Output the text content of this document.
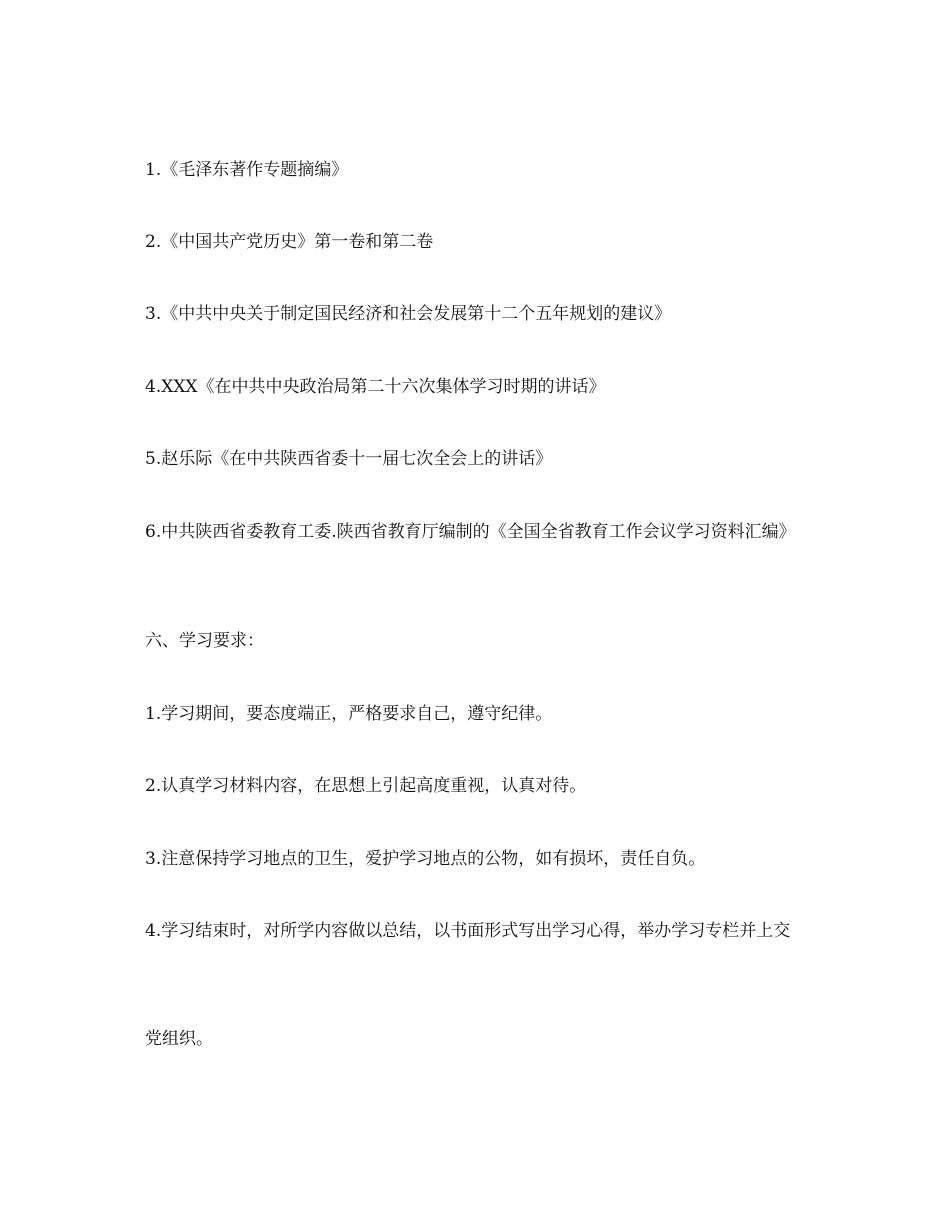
1.《毛泽东著作专题摘编》

2.《中国共产党历史》第一卷和第二卷

3.《中共中央关于制定国民经济和社会发展第十二个五年规划的建议》

4.XXX《在中共中央政治局第二十六次集体学习时期的讲话》

5.赵乐际《在中共陕西省委十一届七次全会上的讲话》

6.中共陕西省委教育工委.陕西省教育厅编制的《全国全省教育工作会议学习资料汇编》

六、学习要求：

1.学习期间，要态度端正，严格要求自己，遵守纪律。

2.认真学习材料内容，在思想上引起高度重视，认真对待。

3.注意保持学习地点的卫生，爱护学习地点的公物，如有损坏，责任自负。

4.学习结束时，对所学内容做以总结，以书面形式写出学习心得，举办学习专栏并上交

党组织。
